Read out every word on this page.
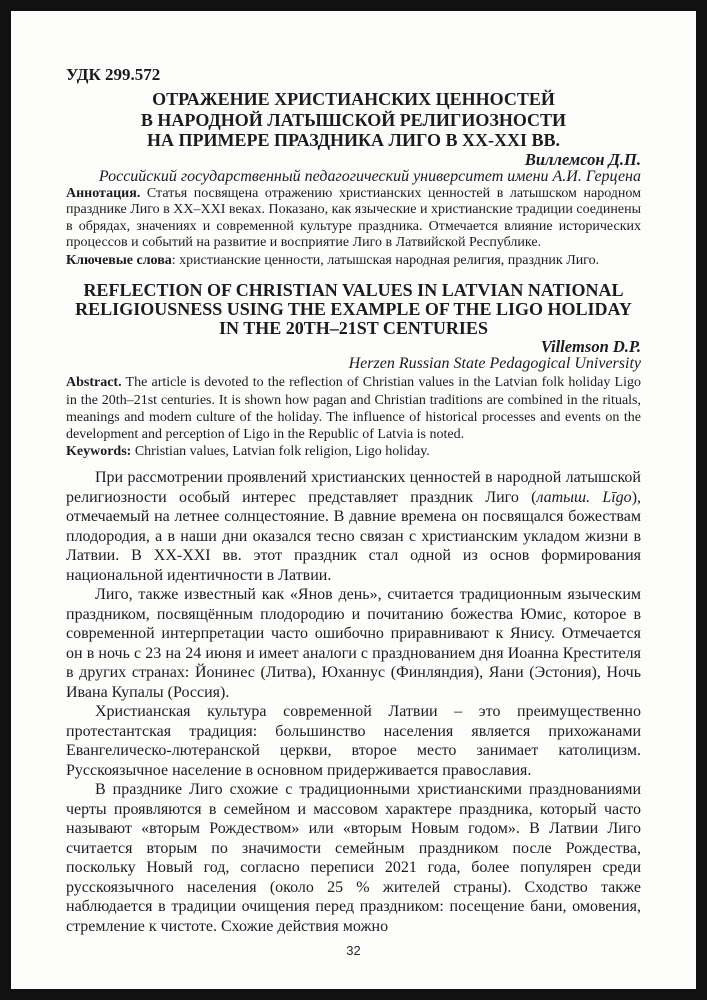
УДК 299.572
ОТРАЖЕНИЕ ХРИСТИАНСКИХ ЦЕННОСТЕЙ
В НАРОДНОЙ ЛАТЫШСКОЙ РЕЛИГИОЗНОСТИ
НА ПРИМЕРЕ ПРАЗДНИКА ЛИГО В XX-XXI ВВ.

Виллемсон Д.П.

Российский государственный педагогический университет имени А.И. Герцена

Аннотация. Статья посвящена отражению христианских ценностей в латышском народном празднике Лиго в XX–XXI веках. Показано, как языческие и христианские традиции соединены в обрядах, значениях и современной культуре праздника. Отмечается влияние исторических процессов и событий на развитие и восприятие Лиго в Латвийской Республике.

Ключевые слова: христианские ценности, латышская народная религия, праздник Лиго.

REFLECTION OF CHRISTIAN VALUES IN LATVIAN NATIONAL
RELIGIOUSNESS USING THE EXAMPLE OF THE LIGO HOLIDAY
IN THE 20TH–21ST CENTURIES

Villemson D.P.

Herzen Russian State Pedagogical University

Abstract. The article is devoted to the reflection of Christian values in the Latvian folk holiday Ligo in the 20th–21st centuries. It is shown how pagan and Christian traditions are combined in the rituals, meanings and modern culture of the holiday. The influence of historical processes and events on the development and perception of Ligo in the Republic of Latvia is noted.

Keywords: Christian values, Latvian folk religion, Ligo holiday.

При рассмотрении проявлений христианских ценностей в народной латышской религиозности особый интерес представляет праздник Лиго (латыш. Līgo), отмечаемый на летнее солнцестояние. В давние времена он посвящался божествам плодородия, а в наши дни оказался тесно связан с христианским укладом жизни в Латвии. В XX-XXI вв. этот праздник стал одной из основ формирования национальной идентичности в Латвии.

Лиго, также известный как «Янов день», считается традиционным языческим праздником, посвящённым плодородию и почитанию божества Юмис, которое в современной интерпретации часто ошибочно приравнивают к Янису. Отмечается он в ночь с 23 на 24 июня и имеет аналоги с празднованием дня Иоанна Крестителя в других странах: Йонинес (Литва), Юханнус (Финляндия), Яани (Эстония), Ночь Ивана Купалы (Россия).

Христианская культура современной Латвии – это преимущественно протестантская традиция: большинство населения является прихожанами Евангелическо-лютеранской церкви, второе место занимает католицизм. Русскоязычное население в основном придерживается православия.

В празднике Лиго схожие с традиционными христианскими празднованиями черты проявляются в семейном и массовом характере праздника, который часто называют «вторым Рождеством» или «вторым Новым годом». В Латвии Лиго считается вторым по значимости семейным праздником после Рождества, поскольку Новый год, согласно переписи 2021 года, более популярен среди русскоязычного населения (около 25 % жителей страны). Сходство также наблюдается в традиции очищения перед праздником: посещение бани, омовения, стремление к чистоте. Схожие действия можно

32
